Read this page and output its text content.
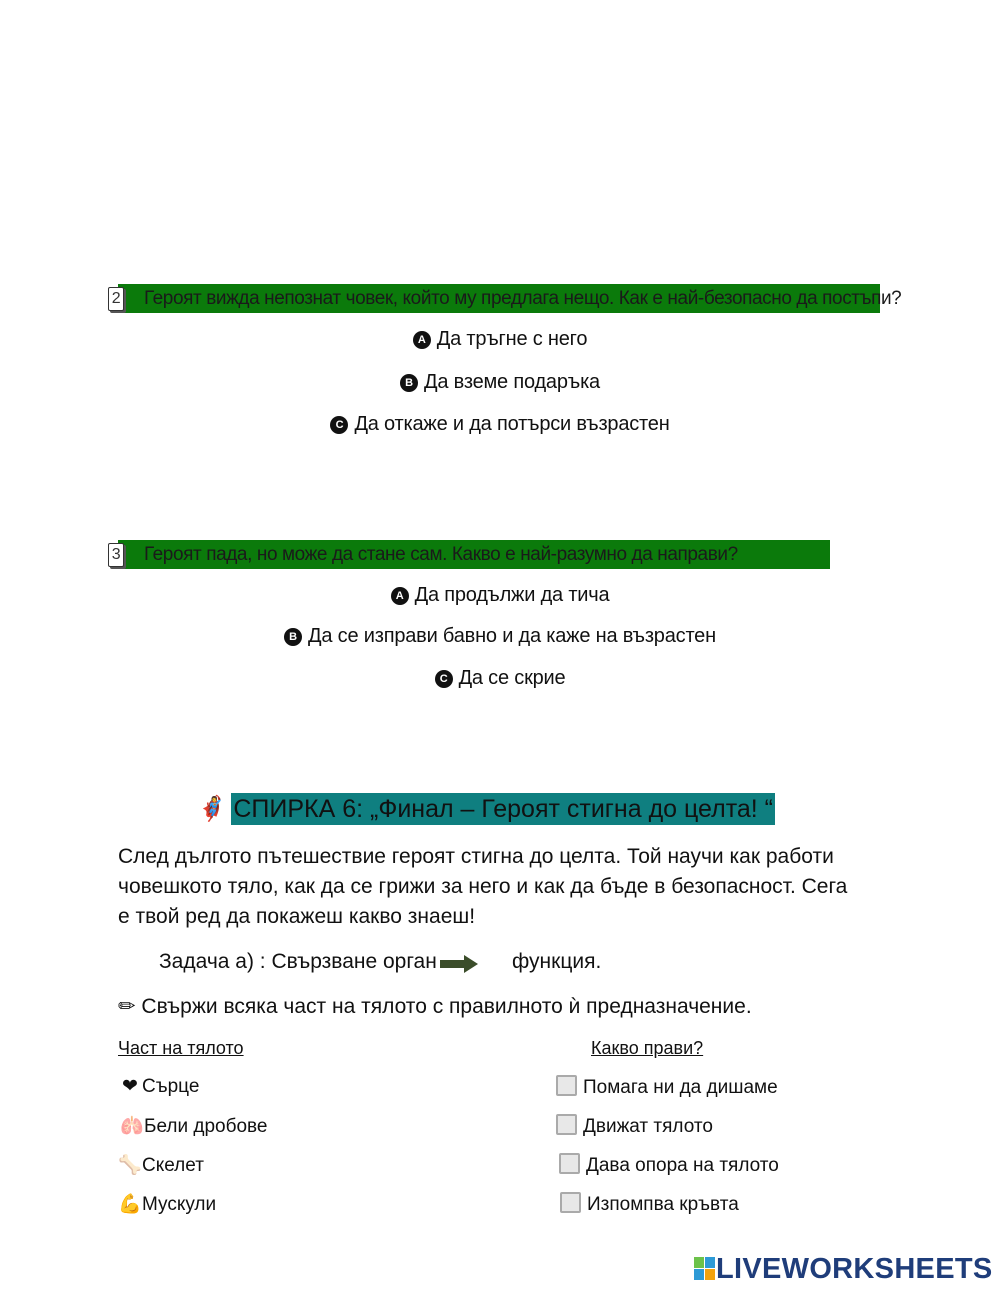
2 Героят вижда непознат човек, който му предлага нещо. Как е най-безопасно да постъпи?
A Да тръгне с него
B Да вземе подаръка
C Да откаже и да потърси възрастен
3 Героят пада, но може да стане сам. Какво е най-разумно да направи?
A Да продължи да тича
B Да се изправи бавно и да каже на възрастен
C Да се скрие
🦸‍♀ СПИРКА 6: „Финал – Героят стигна до целта! “
След дългото пътешествие героят стигна до целта. Той научи как работи човешкото тяло, как да се грижи за него и как да бъде в безопасност. Сега е твой ред да покажеш какво знаеш!
Задача а) : Свързване орган	функция.
✏ Свържи всяка част на тялото с правилното ѝ предназначение.
Част на тялото	Какво прави?
❤ Сърце
🫁Бели дробове
🦴Скелет
💪Мускули
Помага ни да дишаме
Движат тялото
Дава опора на тялото
Изпомпва кръвта
LIVEWORKSHEETS
